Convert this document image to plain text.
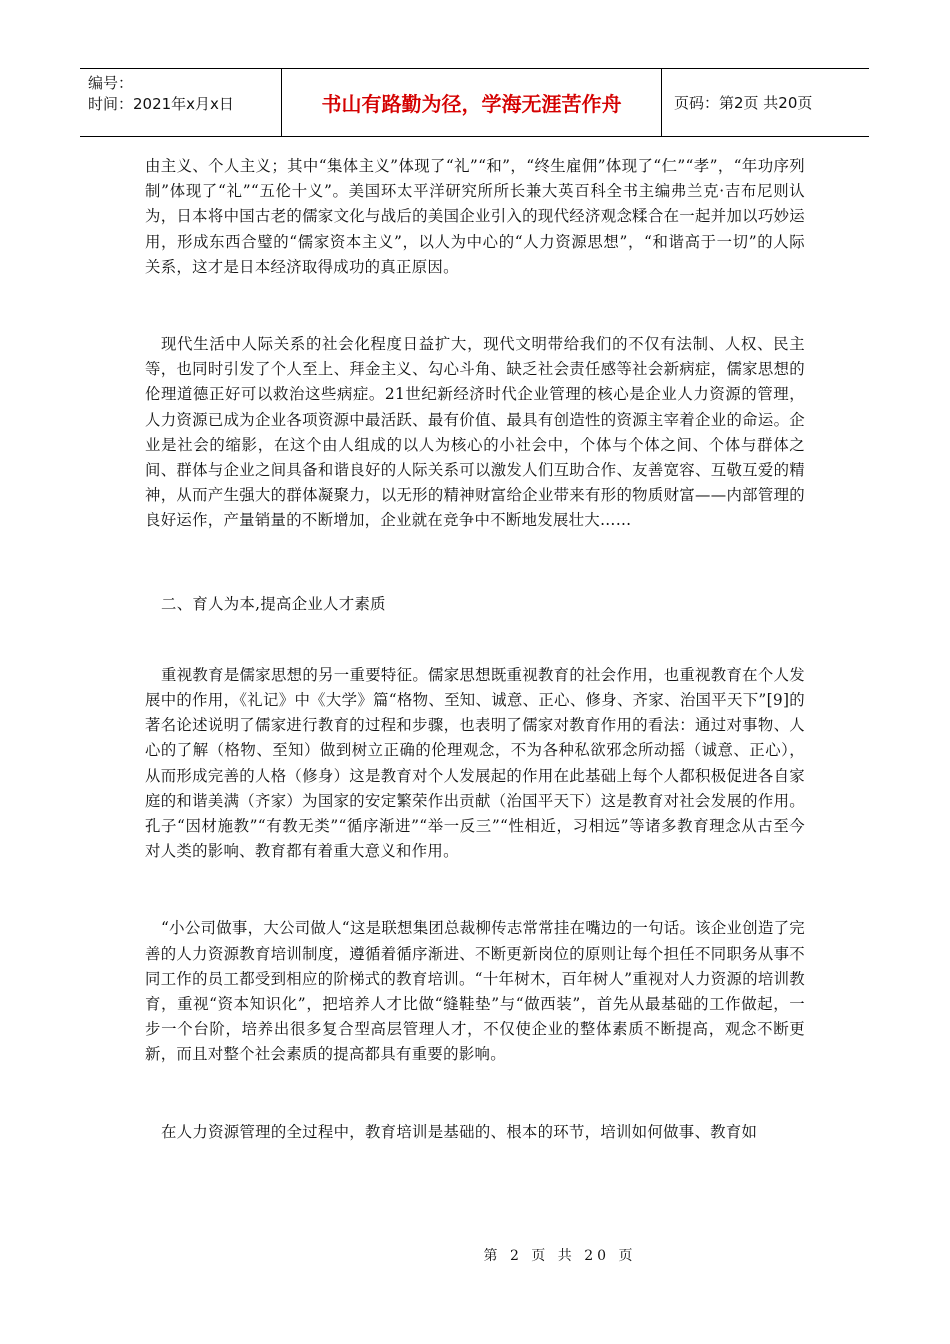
编号：
时间：2021年x月x日	书山有路勤为径，学海无涯苦作舟	页码：第2页 共20页

由主义、个人主义；其中“集体主义”体现了“礼”“和”，“终生雇佣”体现了“仁”“孝”，“年功序列制”体现了“礼”“五伦十义”。美国环太平洋研究所所长兼大英百科全书主编弗兰克·吉布尼则认为，日本将中国古老的儒家文化与战后的美国企业引入的现代经济观念糅合在一起并加以巧妙运用，形成东西合璧的“儒家资本主义”，以人为中心的“人力资源思想”，“和谐高于一切”的人际关系，这才是日本经济取得成功的真正原因。

现代生活中人际关系的社会化程度日益扩大，现代文明带给我们的不仅有法制、人权、民主等，也同时引发了个人至上、拜金主义、勾心斗角、缺乏社会责任感等社会新病症，儒家思想的伦理道德正好可以救治这些病症。21世纪新经济时代企业管理的核心是企业人力资源的管理，人力资源已成为企业各项资源中最活跃、最有价值、最具有创造性的资源主宰着企业的命运。企业是社会的缩影，在这个由人组成的以人为核心的小社会中，个体与个体之间、个体与群体之间、群体与企业之间具备和谐良好的人际关系可以激发人们互助合作、友善宽容、互敬互爱的精神，从而产生强大的群体凝聚力，以无形的精神财富给企业带来有形的物质财富——内部管理的良好运作，产量销量的不断增加，企业就在竞争中不断地发展壮大……

二、育人为本,提高企业人才素质

重视教育是儒家思想的另一重要特征。儒家思想既重视教育的社会作用，也重视教育在个人发展中的作用，《礼记》中《大学》篇“格物、至知、诚意、正心、修身、齐家、治国平天下”[9]的著名论述说明了儒家进行教育的过程和步骤，也表明了儒家对教育作用的看法：通过对事物、人心的了解（格物、至知）做到树立正确的伦理观念，不为各种私欲邪念所动摇（诚意、正心），从而形成完善的人格（修身）这是教育对个人发展起的作用在此基础上每个人都积极促进各自家庭的和谐美满（齐家）为国家的安定繁荣作出贡献（治国平天下）这是教育对社会发展的作用。孔子“因材施教”“有教无类”“循序渐进”“举一反三”“性相近，习相远”等诸多教育理念从古至今对人类的影响、教育都有着重大意义和作用。

“小公司做事，大公司做人“这是联想集团总裁柳传志常常挂在嘴边的一句话。该企业创造了完善的人力资源教育培训制度，遵循着循序渐进、不断更新岗位的原则让每个担任不同职务从事不同工作的员工都受到相应的阶梯式的教育培训。“十年树木，百年树人”重视对人力资源的培训教育，重视“资本知识化”，把培养人才比做“缝鞋垫”与“做西装”，首先从最基础的工作做起，一步一个台阶，培养出很多复合型高层管理人才，不仅使企业的整体素质不断提高，观念不断更新，而且对整个社会素质的提高都具有重要的影响。

在人力资源管理的全过程中，教育培训是基础的、根本的环节，培训如何做事、教育如

第 2 页 共 20 页
